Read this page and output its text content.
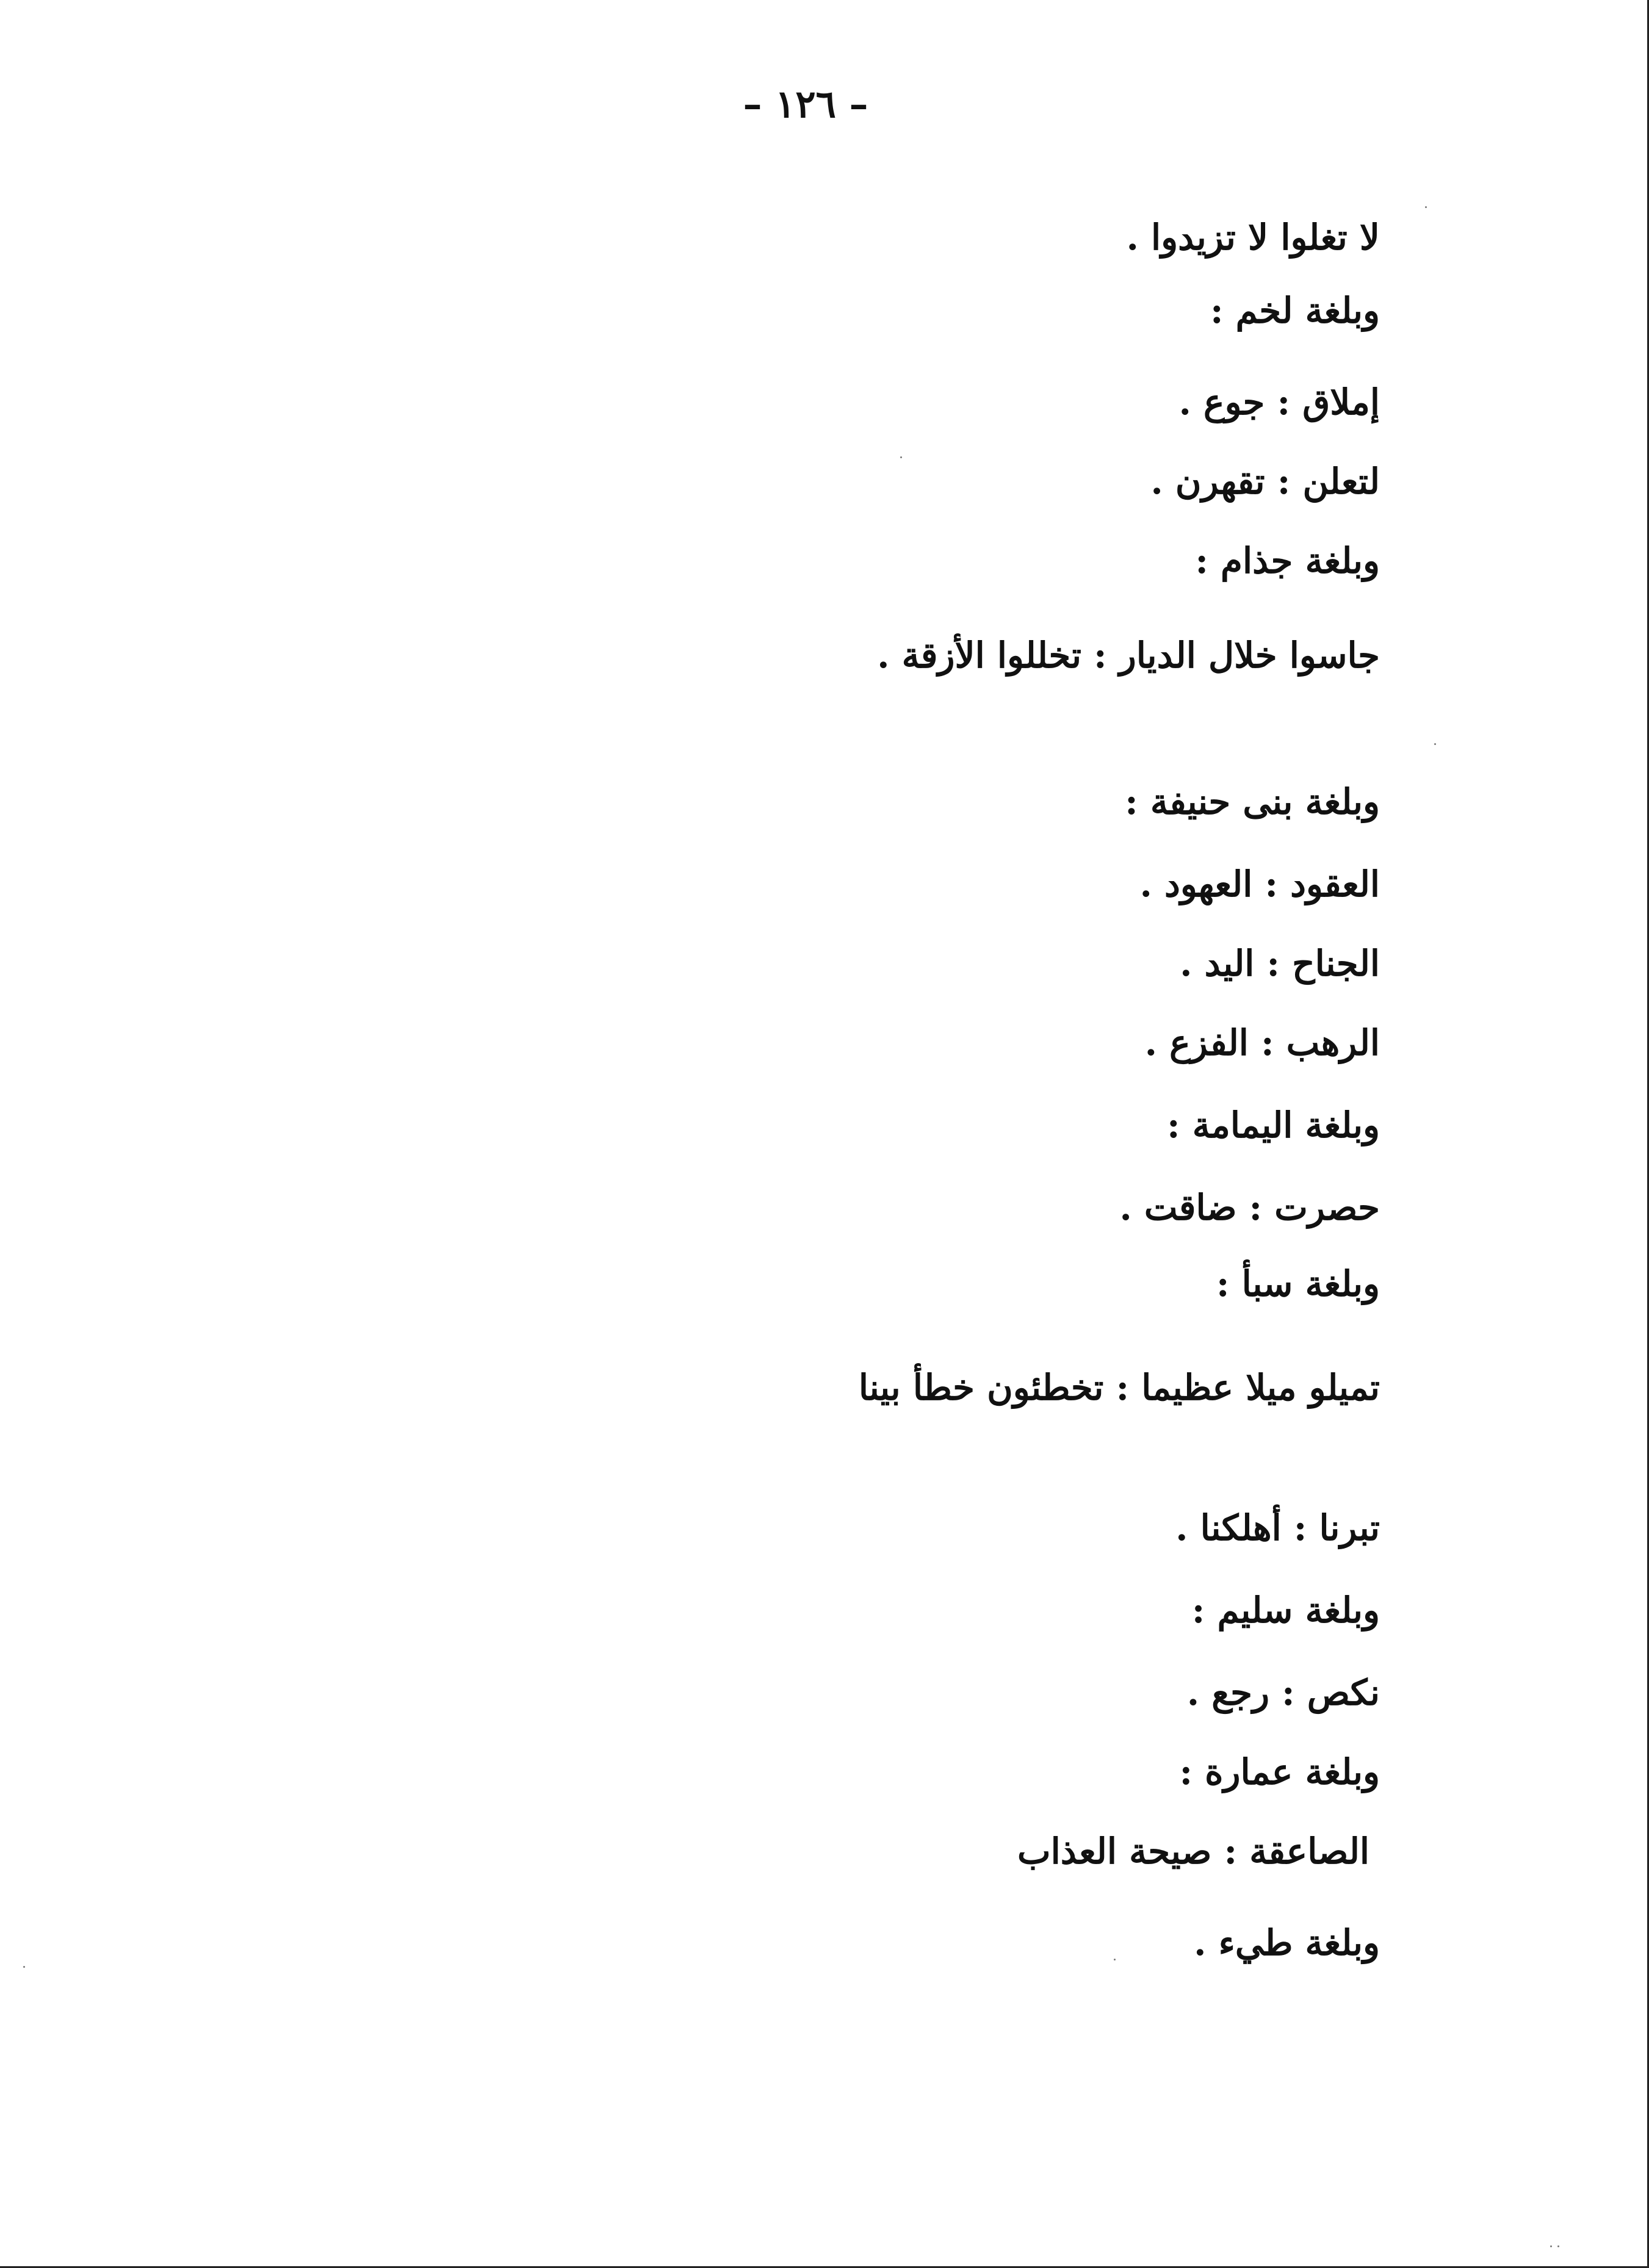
– ١٢٦ –
لا تغلوا لا تزيدوا .
وبلغة لخم :
إملاق : جوع .
لتعلن : تقهرن .
وبلغة جذام :
جاسوا خلال الديار : تخللوا الأزقة .
وبلغة بنى حنيفة :
العقود : العهود .
الجناح : اليد .
الرهب : الفزع .
وبلغة اليمامة :
حصرت : ضاقت .
وبلغة سبأ :
تميلو ميلا عظيما : تخطئون خطأ بينا
تبرنا : أهلكنا .
وبلغة سليم :
نكص : رجع .
وبلغة عمارة :
الصاعقة : صيحة العذاب
وبلغة طيء .
